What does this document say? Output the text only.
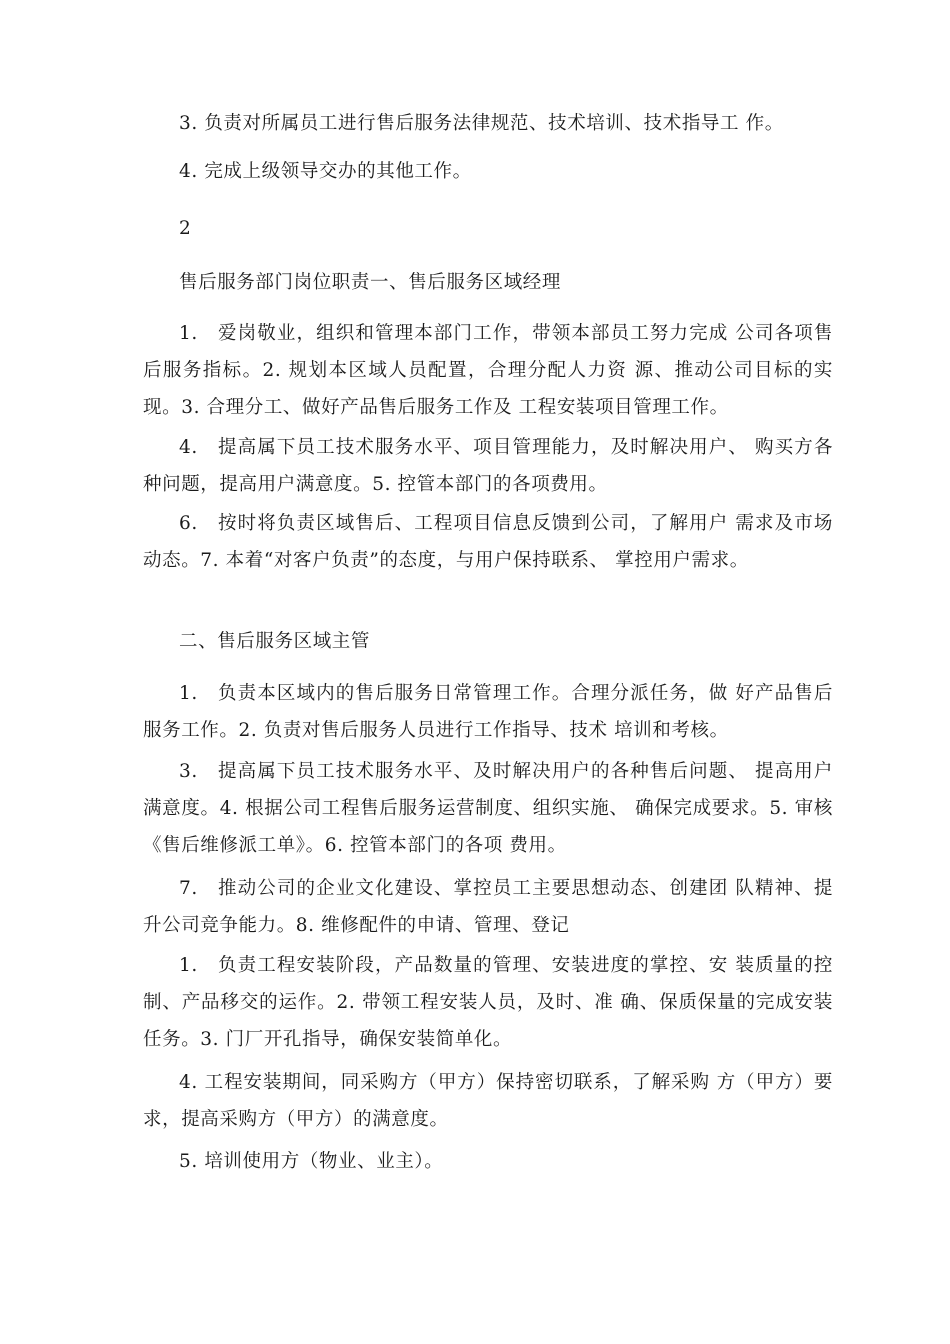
3. 负责对所属员工进行售后服务法律规范、技术培训、技术指导工 作。

4. 完成上级领导交办的其他工作。

2

售后服务部门岗位职责一、售后服务区域经理

1.　爱岗敬业，组织和管理本部门工作，带领本部员工努力完成 公司各项售后服务指标。2. 规划本区域人员配置，合理分配人力资 源、推动公司目标的实现。3. 合理分工、做好产品售后服务工作及 工程安装项目管理工作。

4.　提高属下员工技术服务水平、项目管理能力，及时解决用户、 购买方各种问题，提高用户满意度。5. 控管本部门的各项费用。

6.　按时将负责区域售后、工程项目信息反馈到公司，了解用户 需求及市场动态。7. 本着“对客户负责”的态度，与用户保持联系、 掌控用户需求。

二、售后服务区域主管

1.　负责本区域内的售后服务日常管理工作。合理分派任务，做 好产品售后服务工作。2. 负责对售后服务人员进行工作指导、技术 培训和考核。

3.　提高属下员工技术服务水平、及时解决用户的各种售后问题、 提高用户满意度。4. 根据公司工程售后服务运营制度、组织实施、 确保完成要求。5. 审核《售后维修派工单》。6. 控管本部门的各项 费用。

7.　推动公司的企业文化建设、掌控员工主要思想动态、创建团 队精神、提升公司竞争能力。8. 维修配件的申请、管理、登记

1.　负责工程安装阶段，产品数量的管理、安装进度的掌控、安 装质量的控制、产品移交的运作。2. 带领工程安装人员，及时、准 确、保质保量的完成安装任务。3. 门厂开孔指导，确保安装简单化。

4. 工程安装期间，同采购方（甲方）保持密切联系，了解采购 方（甲方）要求，提高采购方（甲方）的满意度。

5. 培训使用方（物业、业主）。
